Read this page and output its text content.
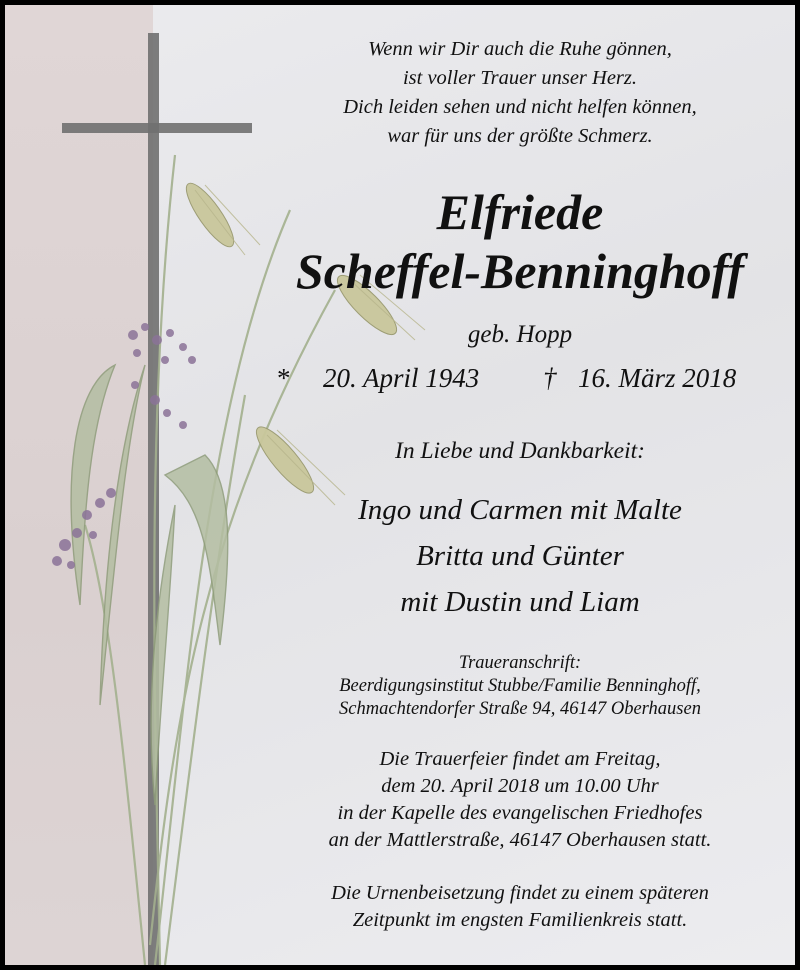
Wenn wir Dir auch die Ruhe gönnen,
ist voller Trauer unser Herz.
Dich leiden sehen und nicht helfen können,
war für uns der größte Schmerz.
Elfriede
Scheffel-Benninghoff
geb. Hopp
* 20. April 1943 † 16. März 2018
In Liebe und Dankbarkeit:
Ingo und Carmen mit Malte
Britta und Günter
mit Dustin und Liam
Traueranschrift:
Beerdigungsinstitut Stubbe/Familie Benninghoff,
Schmachtendorfer Straße 94, 46147 Oberhausen
Die Trauerfeier findet am Freitag,
dem 20. April 2018 um 10.00 Uhr
in der Kapelle des evangelischen Friedhofes
an der Mattlerstraße, 46147 Oberhausen statt.
Die Urnenbeisetzung findet zu einem späteren
Zeitpunkt im engsten Familienkreis statt.
